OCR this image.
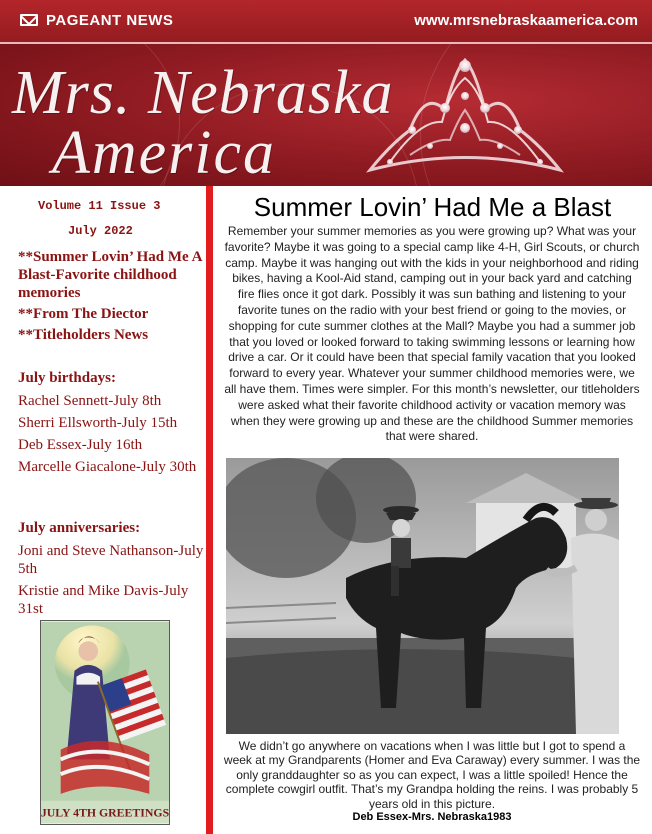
PAGEANT NEWS	www.mrsnebraskaamerica.com
Mrs. Nebraska
America
Volume 11 Issue 3
July 2022
**Summer Lovin’ Had Me A Blast-Favorite childhood memories
**From The Diector
**Titleholders News
July birthdays:
Rachel Sennett-July 8th
Sherri Ellsworth-July 15th
Deb Essex-July 16th
Marcelle Giacalone-July 30th
July anniversaries:
Joni and Steve Nathanson-July 5th
Kristie and Mike Davis-July 31st
JULY 4TH GREETINGS
Summer Lovin’ Had Me a Blast
Remember your summer memories as you were growing up? What was your favorite? Maybe it was going to a special camp like 4-H, Girl Scouts, or church camp. Maybe it was hanging out with the kids in your neighborhood and riding bikes, having a Kool-Aid stand, camping out in your back yard and catching fire flies once it got dark. Possibly it was sun bathing and listening to your favorite tunes on the radio with your best friend or going to the movies, or shopping for cute summer clothes at the Mall? Maybe you had a summer job that you loved or looked forward to taking swimming lessons or learning how drive a car. Or it could have been that special family vacation that you looked forward to every year. Whatever your summer childhood memories were, we all have them. Times were simpler. For this month’s newsletter, our titleholders were asked what their favorite childhood activity or vacation memory was when they were growing up and these are the childhood Summer memories that were shared.
We didn’t go anywhere on vacations when I was little but I got to spend a week at my Grandparents (Homer and Eva Caraway) every summer. I was the only granddaughter so as you can expect, I was a little spoiled! Hence the complete cowgirl outfit. That’s my Grandpa holding the reins. I was probably 5 years old in this picture.
Deb Essex-Mrs. Nebraska1983
